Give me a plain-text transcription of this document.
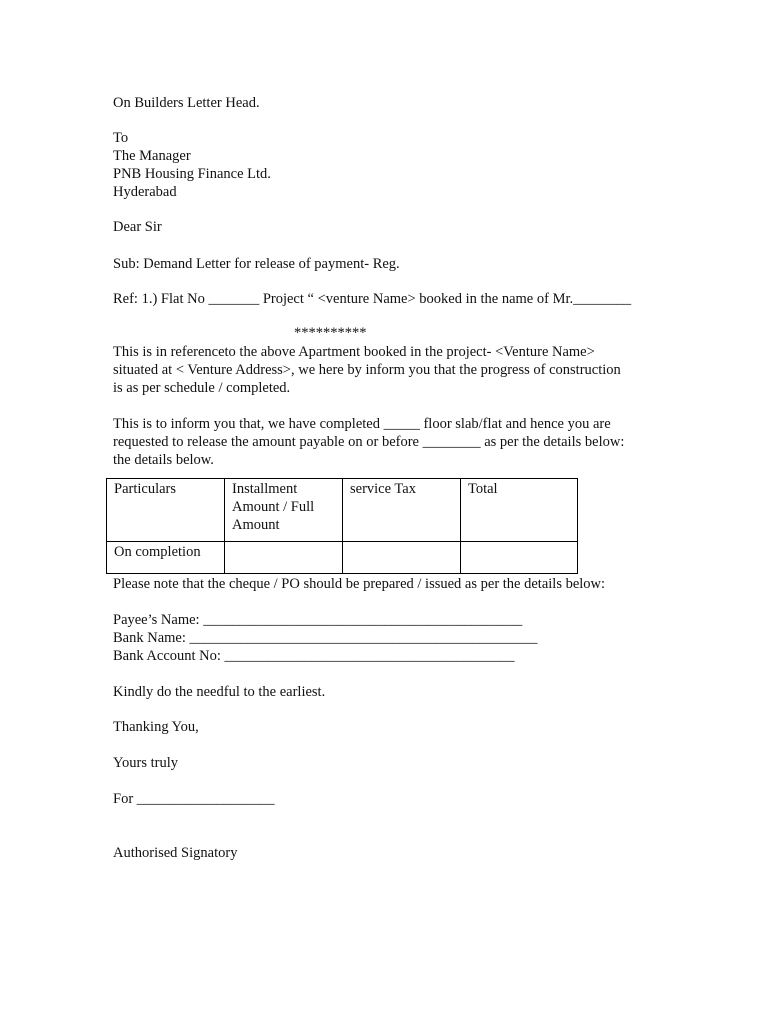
On Builders Letter Head.

To

The Manager

PNB Housing Finance Ltd.

Hyderabad

Dear Sir

Sub: Demand Letter for release of payment- Reg.

Ref: 1.) Flat No _______ Project “ <venture Name> booked in the name of Mr.________

**********

This is in referenceto the above Apartment booked in the project- <Venture Name>

situated at < Venture Address>, we here by inform you that the progress of construction

is as per schedule / completed.

This is to inform you that, we have completed _____ floor slab/flat and hence you are

requested to release the amount payable on or before ________ as per the details below:

the details below.

Particulars	Installment Amount / Full Amount	service Tax	Total
On completion			

Please note that the cheque / PO should be prepared / issued as per the details below:

Payee’s Name: ____________________________________________

Bank Name: ________________________________________________

Bank Account No: ________________________________________

Kindly do the needful to the earliest.

Thanking You,

Yours truly

For ___________________

Authorised Signatory
